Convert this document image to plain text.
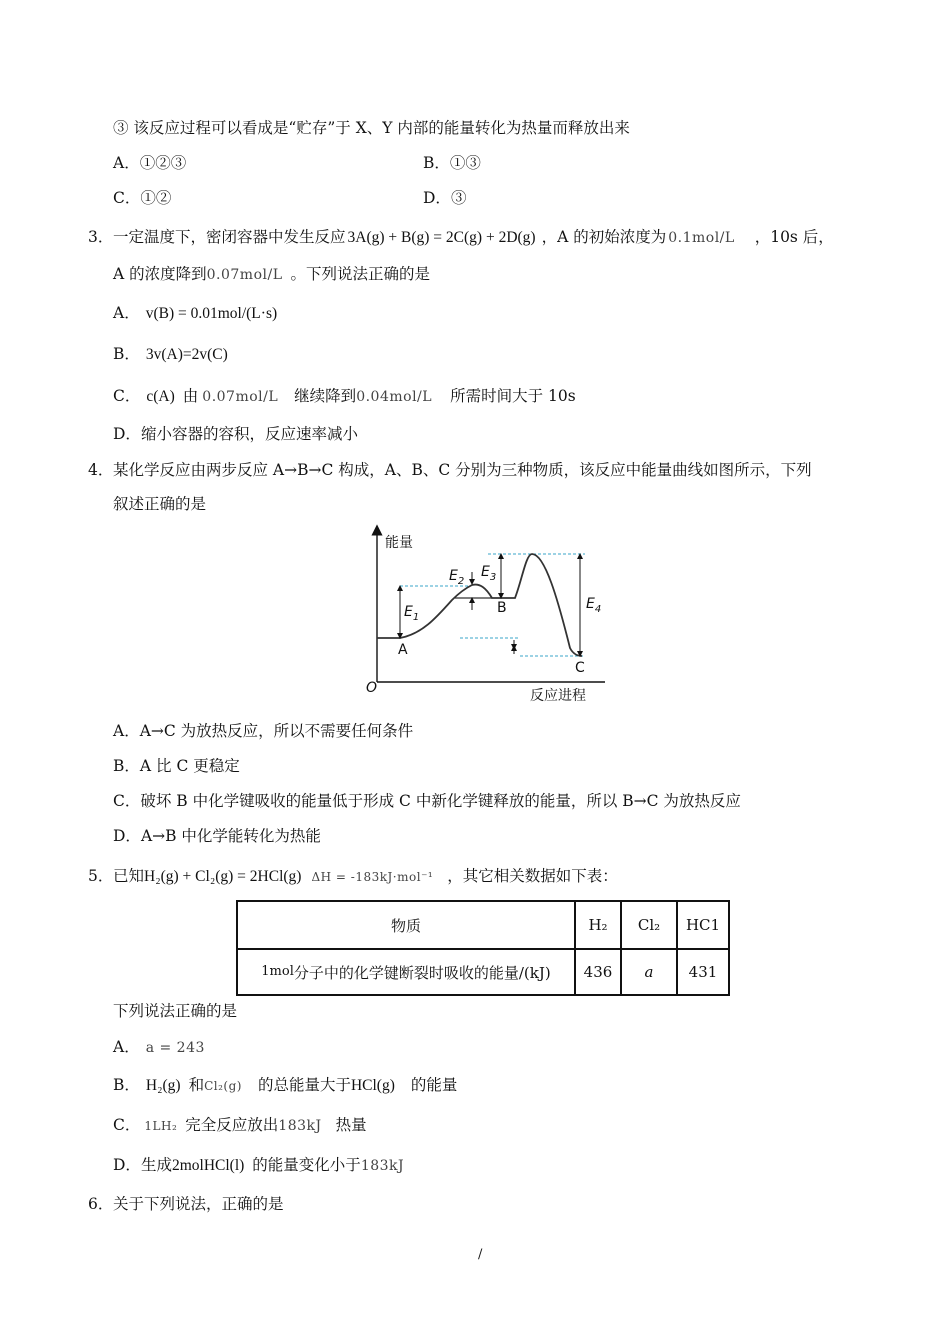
③ 该反应过程可以看成是“贮存”于 X、Y 内部的能量转化为热量而释放出来
A．①②③	B．①③
C．①②	D．③
3． 一定温度下，密闭容器中发生反应 3A(g) + B(g) = 2C(g) + 2D(g) ，A 的初始浓度为 0.1mol/L ，10s 后，
A 的浓度降到0.07mol/L 。下列说法正确的是
A． v(B) = 0.01mol/(L·s)
B． 3v(A)=2v(C)
C． c(A) 由 0.07mol/L 继续降到0.04mol/L 所需时间大于 10s
D．缩小容器的容积，反应速率减小
4． 某化学反应由两步反应 A→B→C 构成，A、B、C 分别为三种物质，该反应中能量曲线如图所示，下列
叙述正确的是
能量
反应进程
O
$E_1$
$E_2$
$E_3$
$E_4$
A
B
C
A．A→C 为放热反应，所以不需要任何条件
B．A 比 C 更稳定
C．破坏 B 中化学键吸收的能量低于形成 C 中新化学键释放的能量，所以 B→C 为放热反应
D．A→B 中化学能转化为热能
5． 已知H₂(g) + Cl₂(g) = 2HCl(g) ΔH = -183kJ·mol⁻¹ ，其它相关数据如下表：
物质	H₂	Cl₂	HC1
1mol分子中的化学键断裂时吸收的能量/(kJ)	436	a	431
下列说法正确的是
A． a = 243
B． H₂(g) 和Cl₂(g) 的总能量大于HCl(g) 的能量
C． 1LH₂ 完全反应放出183kJ 热量
D．生成2molHCl(l) 的能量变化小于183kJ
6． 关于下列说法，正确的是
/
